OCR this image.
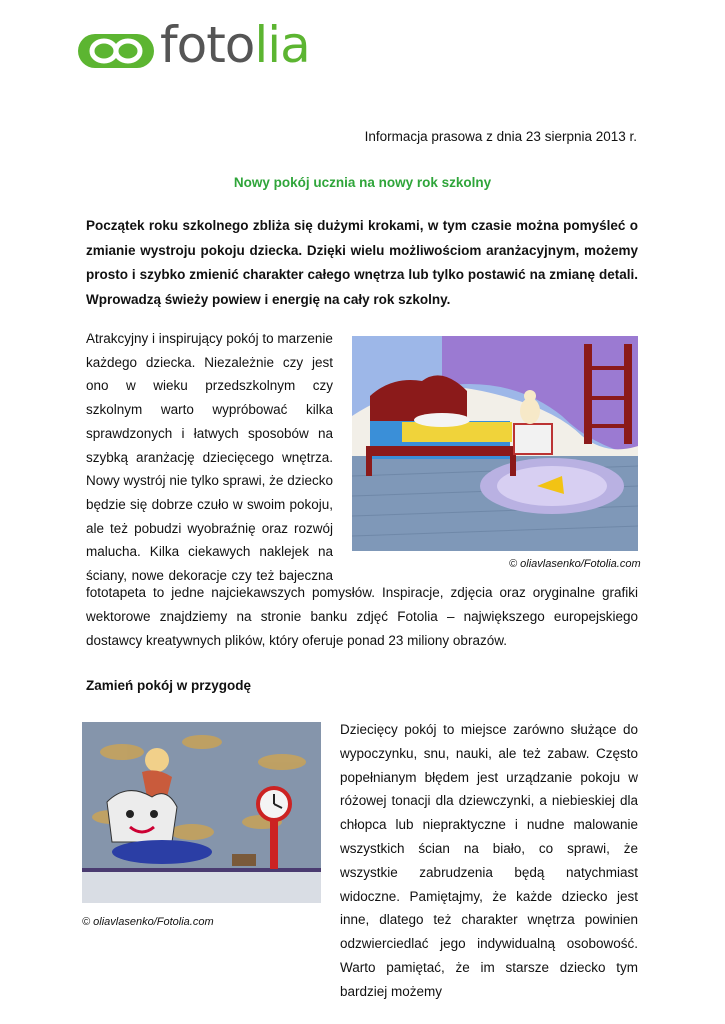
fotolia
Informacja prasowa z dnia 23 sierpnia 2013 r.
Nowy pokój ucznia na nowy rok szkolny
Początek roku szkolnego zbliża się dużymi krokami, w tym czasie można pomyśleć o zmianie wystroju pokoju dziecka. Dzięki wielu możliwościom aranżacyjnym, możemy prosto i szybko zmienić charakter całego wnętrza lub tylko postawić na zmianę detali. Wprowadzą świeży powiew i energię na cały rok szkolny.
Atrakcyjny i inspirujący pokój to marzenie
każdego dziecka. Niezależnie czy jest
ono w wieku przedszkolnym czy
szkolnym warto wypróbować kilka
sprawdzonych i łatwych sposobów na
szybką aranżację dziecięcego wnętrza.
Nowy wystrój nie tylko sprawi, że dziecko
będzie się dobrze czuło w swoim pokoju,
ale też pobudzi wyobraźnię oraz rozwój
malucha. Kilka ciekawych naklejek na
ściany, nowe dekoracje czy też bajeczna
© oliavlasenko/Fotolia.com
fototapeta to jedne najciekawszych pomysłów. Inspiracje, zdjęcia oraz oryginalne grafiki wektorowe znajdziemy na stronie banku zdjęć Fotolia – największego europejskiego dostawcy kreatywnych plików, który oferuje ponad 23 miliony obrazów.
Zamień pokój w przygodę
© oliavlasenko/Fotolia.com
Dziecięcy pokój to miejsce zarówno służące do wypoczynku, snu, nauki, ale też zabaw. Często popełnianym błędem jest urządzanie pokoju w różowej tonacji dla dziewczynki, a niebieskiej dla chłopca lub niepraktyczne i nudne malowanie wszystkich ścian na biało, co sprawi, że wszystkie zabrudzenia będą natychmiast widoczne. Pamiętajmy, że każde dziecko jest inne, dlatego też charakter wnętrza powinien odzwierciedlać jego indywidualną osobowość. Warto pamiętać, że im starsze dziecko tym bardziej możemy
